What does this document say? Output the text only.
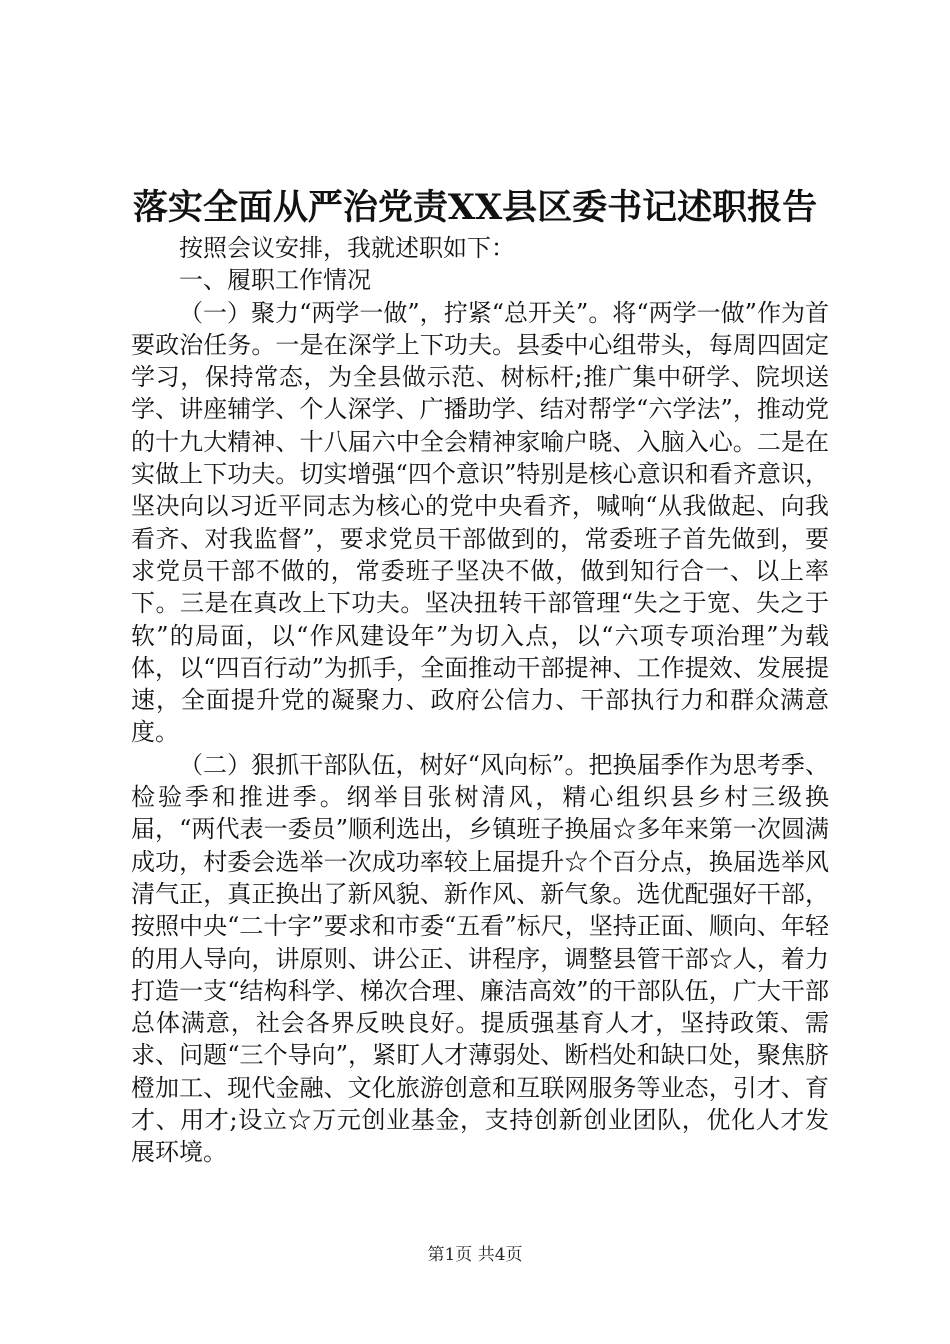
落实全面从严治党责XX县区委书记述职报告

按照会议安排，我就述职如下：

一、履职工作情况

（一）聚力“两学一做”，拧紧“总开关”。将“两学一做”作为首要政治任务。一是在深学上下功夫。县委中心组带头，每周四固定学习，保持常态，为全县做示范、树标杆;推广集中研学、院坝送学、讲座辅学、个人深学、广播助学、结对帮学“六学法”，推动党的十九大精神、十八届六中全会精神家喻户晓、入脑入心。二是在实做上下功夫。切实增强“四个意识”特别是核心意识和看齐意识，坚决向以习近平同志为核心的党中央看齐，喊响“从我做起、向我看齐、对我监督”，要求党员干部做到的，常委班子首先做到，要求党员干部不做的，常委班子坚决不做，做到知行合一、以上率下。三是在真改上下功夫。坚决扭转干部管理“失之于宽、失之于软”的局面，以“作风建设年”为切入点，以“六项专项治理”为载体，以“四百行动”为抓手，全面推动干部提神、工作提效、发展提速，全面提升党的凝聚力、政府公信力、干部执行力和群众满意度。

（二）狠抓干部队伍，树好“风向标”。把换届季作为思考季、检验季和推进季。纲举目张树清风，精心组织县乡村三级换届，“两代表一委员”顺利选出，乡镇班子换届☆多年来第一次圆满成功，村委会选举一次成功率较上届提升☆个百分点，换届选举风清气正，真正换出了新风貌、新作风、新气象。选优配强好干部，按照中央“二十字”要求和市委“五看”标尺，坚持正面、顺向、年轻的用人导向，讲原则、讲公正、讲程序，调整县管干部☆人，着力打造一支“结构科学、梯次合理、廉洁高效”的干部队伍，广大干部总体满意，社会各界反映良好。提质强基育人才，坚持政策、需求、问题“三个导向”，紧盯人才薄弱处、断档处和缺口处，聚焦脐橙加工、现代金融、文化旅游创意和互联网服务等业态，引才、育才、用才;设立☆万元创业基金，支持创新创业团队，优化人才发展环境。

第1页 共4页
